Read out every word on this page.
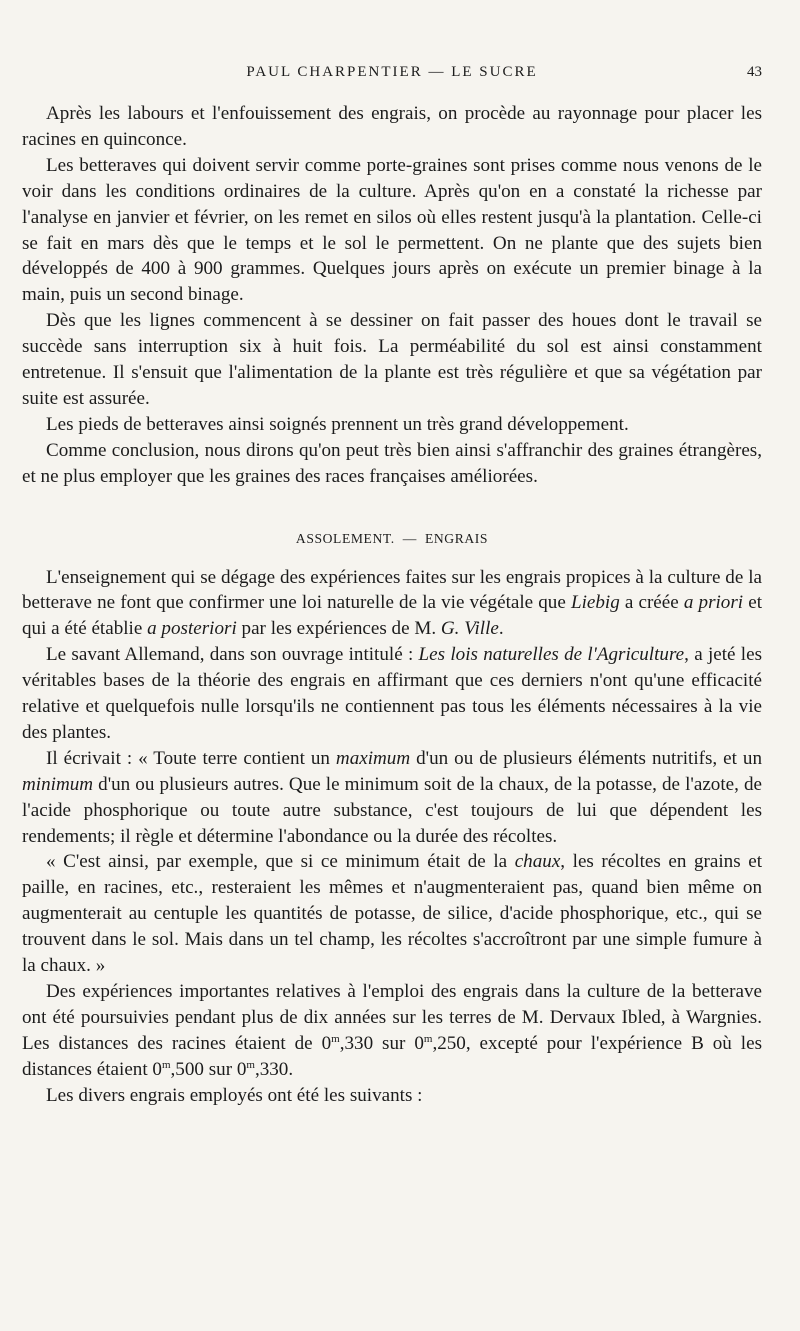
PAUL CHARPENTIER — LE SUCRE	43

Après les labours et l'enfouissement des engrais, on procède au rayonnage pour placer les racines en quinconce.

Les betteraves qui doivent servir comme porte-graines sont prises comme nous venons de le voir dans les conditions ordinaires de la culture. Après qu'on en a constaté la richesse par l'analyse en janvier et février, on les remet en silos où elles restent jusqu'à la plantation. Celle-ci se fait en mars dès que le temps et le sol le permettent. On ne plante que des sujets bien développés de 400 à 900 grammes. Quelques jours après on exécute un premier binage à la main, puis un second binage.

Dès que les lignes commencent à se dessiner on fait passer des houes dont le travail se succède sans interruption six à huit fois. La perméabilité du sol est ainsi constamment entretenue. Il s'ensuit que l'alimentation de la plante est très régulière et que sa végétation par suite est assurée.

Les pieds de betteraves ainsi soignés prennent un très grand développement.

Comme conclusion, nous dirons qu'on peut très bien ainsi s'affranchir des graines étrangères, et ne plus employer que les graines des races françaises améliorées.

ASSOLEMENT. — ENGRAIS

L'enseignement qui se dégage des expériences faites sur les engrais propices à la culture de la betterave ne font que confirmer une loi naturelle de la vie végétale que Liebig a créée a priori et qui a été établie a posteriori par les expériences de M. G. Ville.

Le savant Allemand, dans son ouvrage intitulé : Les lois naturelles de l'Agriculture, a jeté les véritables bases de la théorie des engrais en affirmant que ces derniers n'ont qu'une efficacité relative et quelquefois nulle lorsqu'ils ne contiennent pas tous les éléments nécessaires à la vie des plantes.

Il écrivait : « Toute terre contient un maximum d'un ou de plusieurs éléments nutritifs, et un minimum d'un ou plusieurs autres. Que le minimum soit de la chaux, de la potasse, de l'azote, de l'acide phosphorique ou toute autre substance, c'est toujours de lui que dépendent les rendements; il règle et détermine l'abondance ou la durée des récoltes.

« C'est ainsi, par exemple, que si ce minimum était de la chaux, les récoltes en grains et paille, en racines, etc., resteraient les mêmes et n'augmenteraient pas, quand bien même on augmenterait au centuple les quantités de potasse, de silice, d'acide phosphorique, etc., qui se trouvent dans le sol. Mais dans un tel champ, les récoltes s'accroîtront par une simple fumure à la chaux. »

Des expériences importantes relatives à l'emploi des engrais dans la culture de la betterave ont été poursuivies pendant plus de dix années sur les terres de M. Dervaux Ibled, à Wargnies. Les distances des racines étaient de 0$^m$,330 sur 0$^m$,250, excepté pour l'expérience B où les distances étaient 0$^m$,500 sur 0$^m$,330.

Les divers engrais employés ont été les suivants :
